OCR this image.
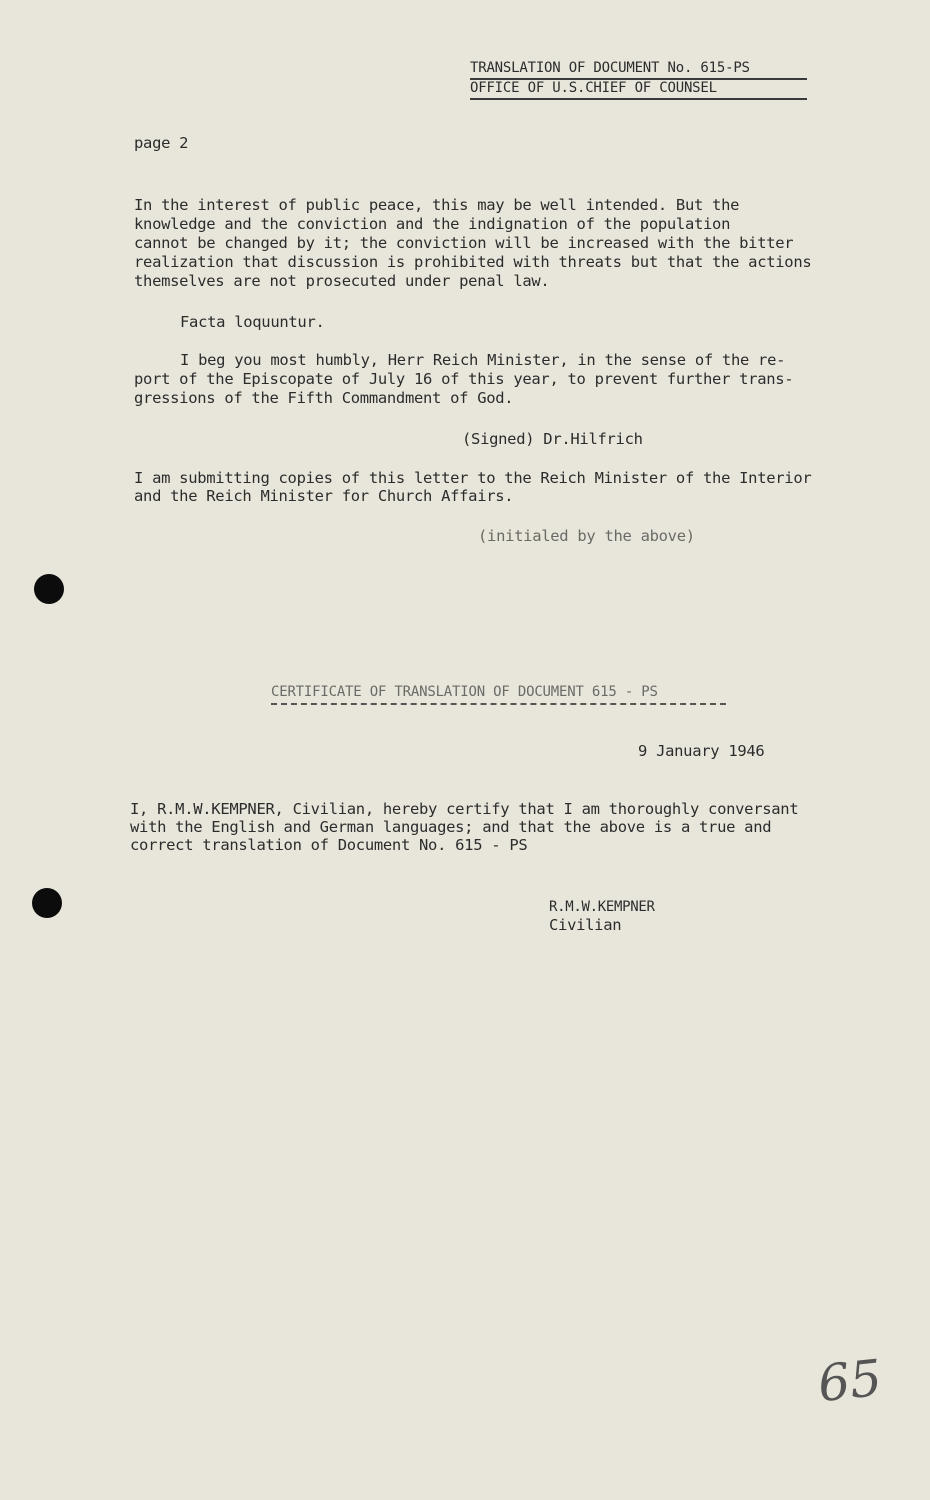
TRANSLATION OF DOCUMENT No. 615-PS
OFFICE OF U.S.CHIEF OF COUNSEL
page 2
In the interest of public peace, this may be well intended. But the
knowledge and the conviction and the indignation of the population
cannot be changed by it; the conviction will be increased with the bitter
realization that discussion is prohibited with threats but that the actions
themselves are not prosecuted under penal law.
Facta loquuntur.
I beg you most humbly, Herr Reich Minister, in the sense of the re-
port of the Episcopate of July 16 of this year, to prevent further trans-
gressions of the Fifth Commandment of God.
(Signed) Dr.Hilfrich
I am submitting copies of this letter to the Reich Minister of the Interior
and the Reich Minister for Church Affairs.
(initialed by the above)
CERTIFICATE OF TRANSLATION OF DOCUMENT 615 - PS
9 January 1946
I, R.M.W.KEMPNER, Civilian, hereby certify that I am thoroughly conversant
with the English and German languages; and that the above is a true and
correct translation of Document No. 615 - PS
R.M.W.KEMPNER
Civilian
65
